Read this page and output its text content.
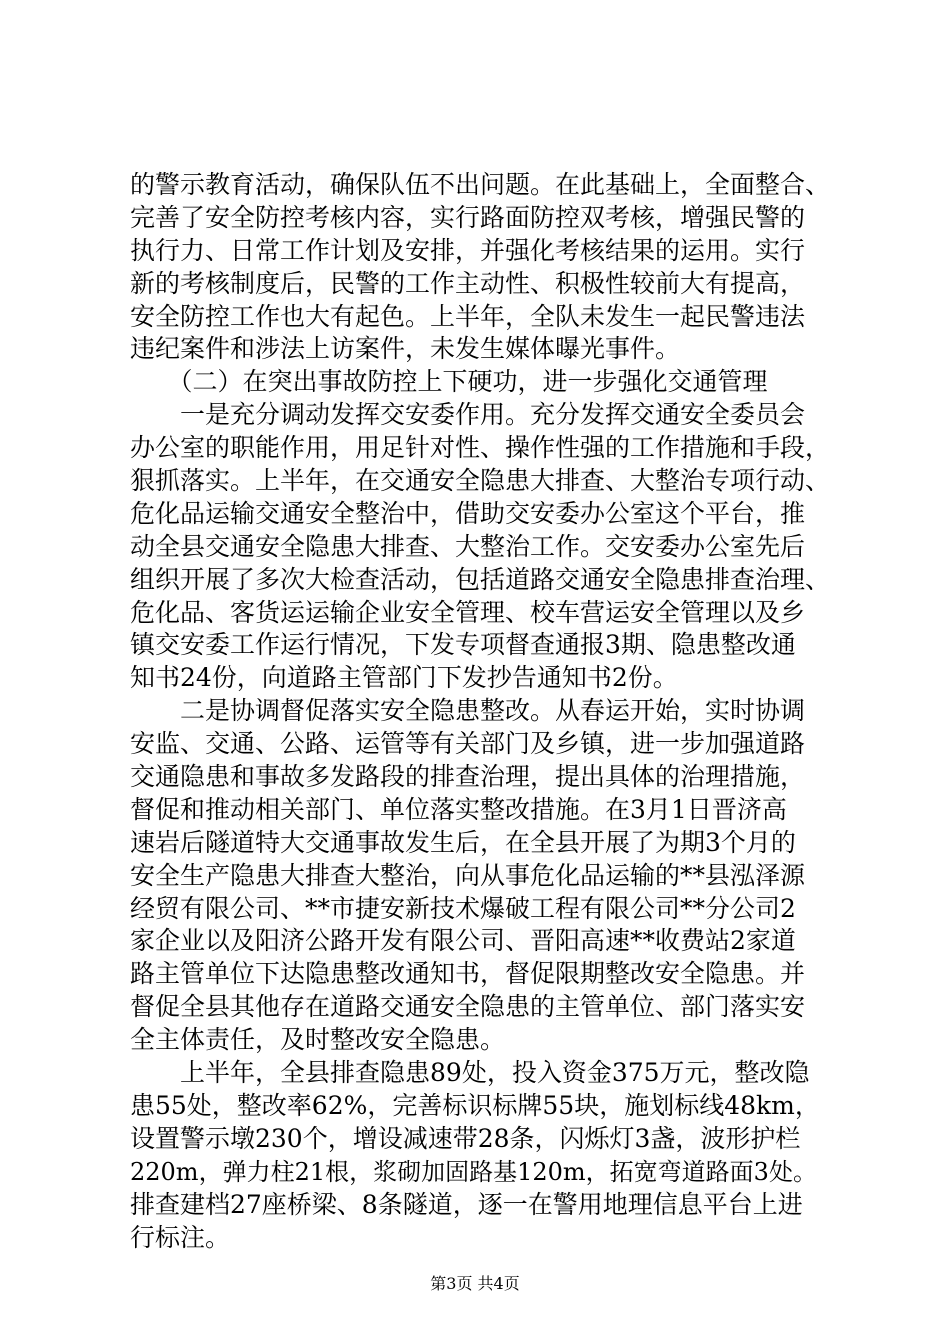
的警示教育活动，确保队伍不出问题。在此基础上，全面整合、
完善了安全防控考核内容，实行路面防控双考核，增强民警的
执行力、日常工作计划及安排，并强化考核结果的运用。实行
新的考核制度后，民警的工作主动性、积极性较前大有提高，
安全防控工作也大有起色。上半年，全队未发生一起民警违法
违纪案件和涉法上访案件，未发生媒体曝光事件。
　　（二）在突出事故防控上下硬功，进一步强化交通管理
　　一是充分调动发挥交安委作用。充分发挥交通安全委员会
办公室的职能作用，用足针对性、操作性强的工作措施和手段，
狠抓落实。上半年，在交通安全隐患大排查、大整治专项行动、
危化品运输交通安全整治中，借助交安委办公室这个平台，推
动全县交通安全隐患大排查、大整治工作。交安委办公室先后
组织开展了多次大检查活动，包括道路交通安全隐患排查治理、
危化品、客货运运输企业安全管理、校车营运安全管理以及乡
镇交安委工作运行情况，下发专项督查通报3期、隐患整改通
知书24份，向道路主管部门下发抄告通知书2份。
　　二是协调督促落实安全隐患整改。从春运开始，实时协调
安监、交通、公路、运管等有关部门及乡镇，进一步加强道路
交通隐患和事故多发路段的排查治理，提出具体的治理措施，
督促和推动相关部门、单位落实整改措施。在3月1日晋济高
速岩后隧道特大交通事故发生后，在全县开展了为期3个月的
安全生产隐患大排查大整治，向从事危化品运输的**县泓泽源
经贸有限公司、**市捷安新技术爆破工程有限公司**分公司2
家企业以及阳济公路开发有限公司、晋阳高速**收费站2家道
路主管单位下达隐患整改通知书，督促限期整改安全隐患。并
督促全县其他存在道路交通安全隐患的主管单位、部门落实安
全主体责任，及时整改安全隐患。
　　上半年，全县排查隐患89处，投入资金375万元，整改隐
患55处，整改率62%，完善标识标牌55块，施划标线48km，
设置警示墩230个，增设减速带28条，闪烁灯3盏，波形护栏
220m，弹力柱21根，浆砌加固路基120m，拓宽弯道路面3处。
排查建档27座桥梁、8条隧道，逐一在警用地理信息平台上进
行标注。
第3页 共4页
